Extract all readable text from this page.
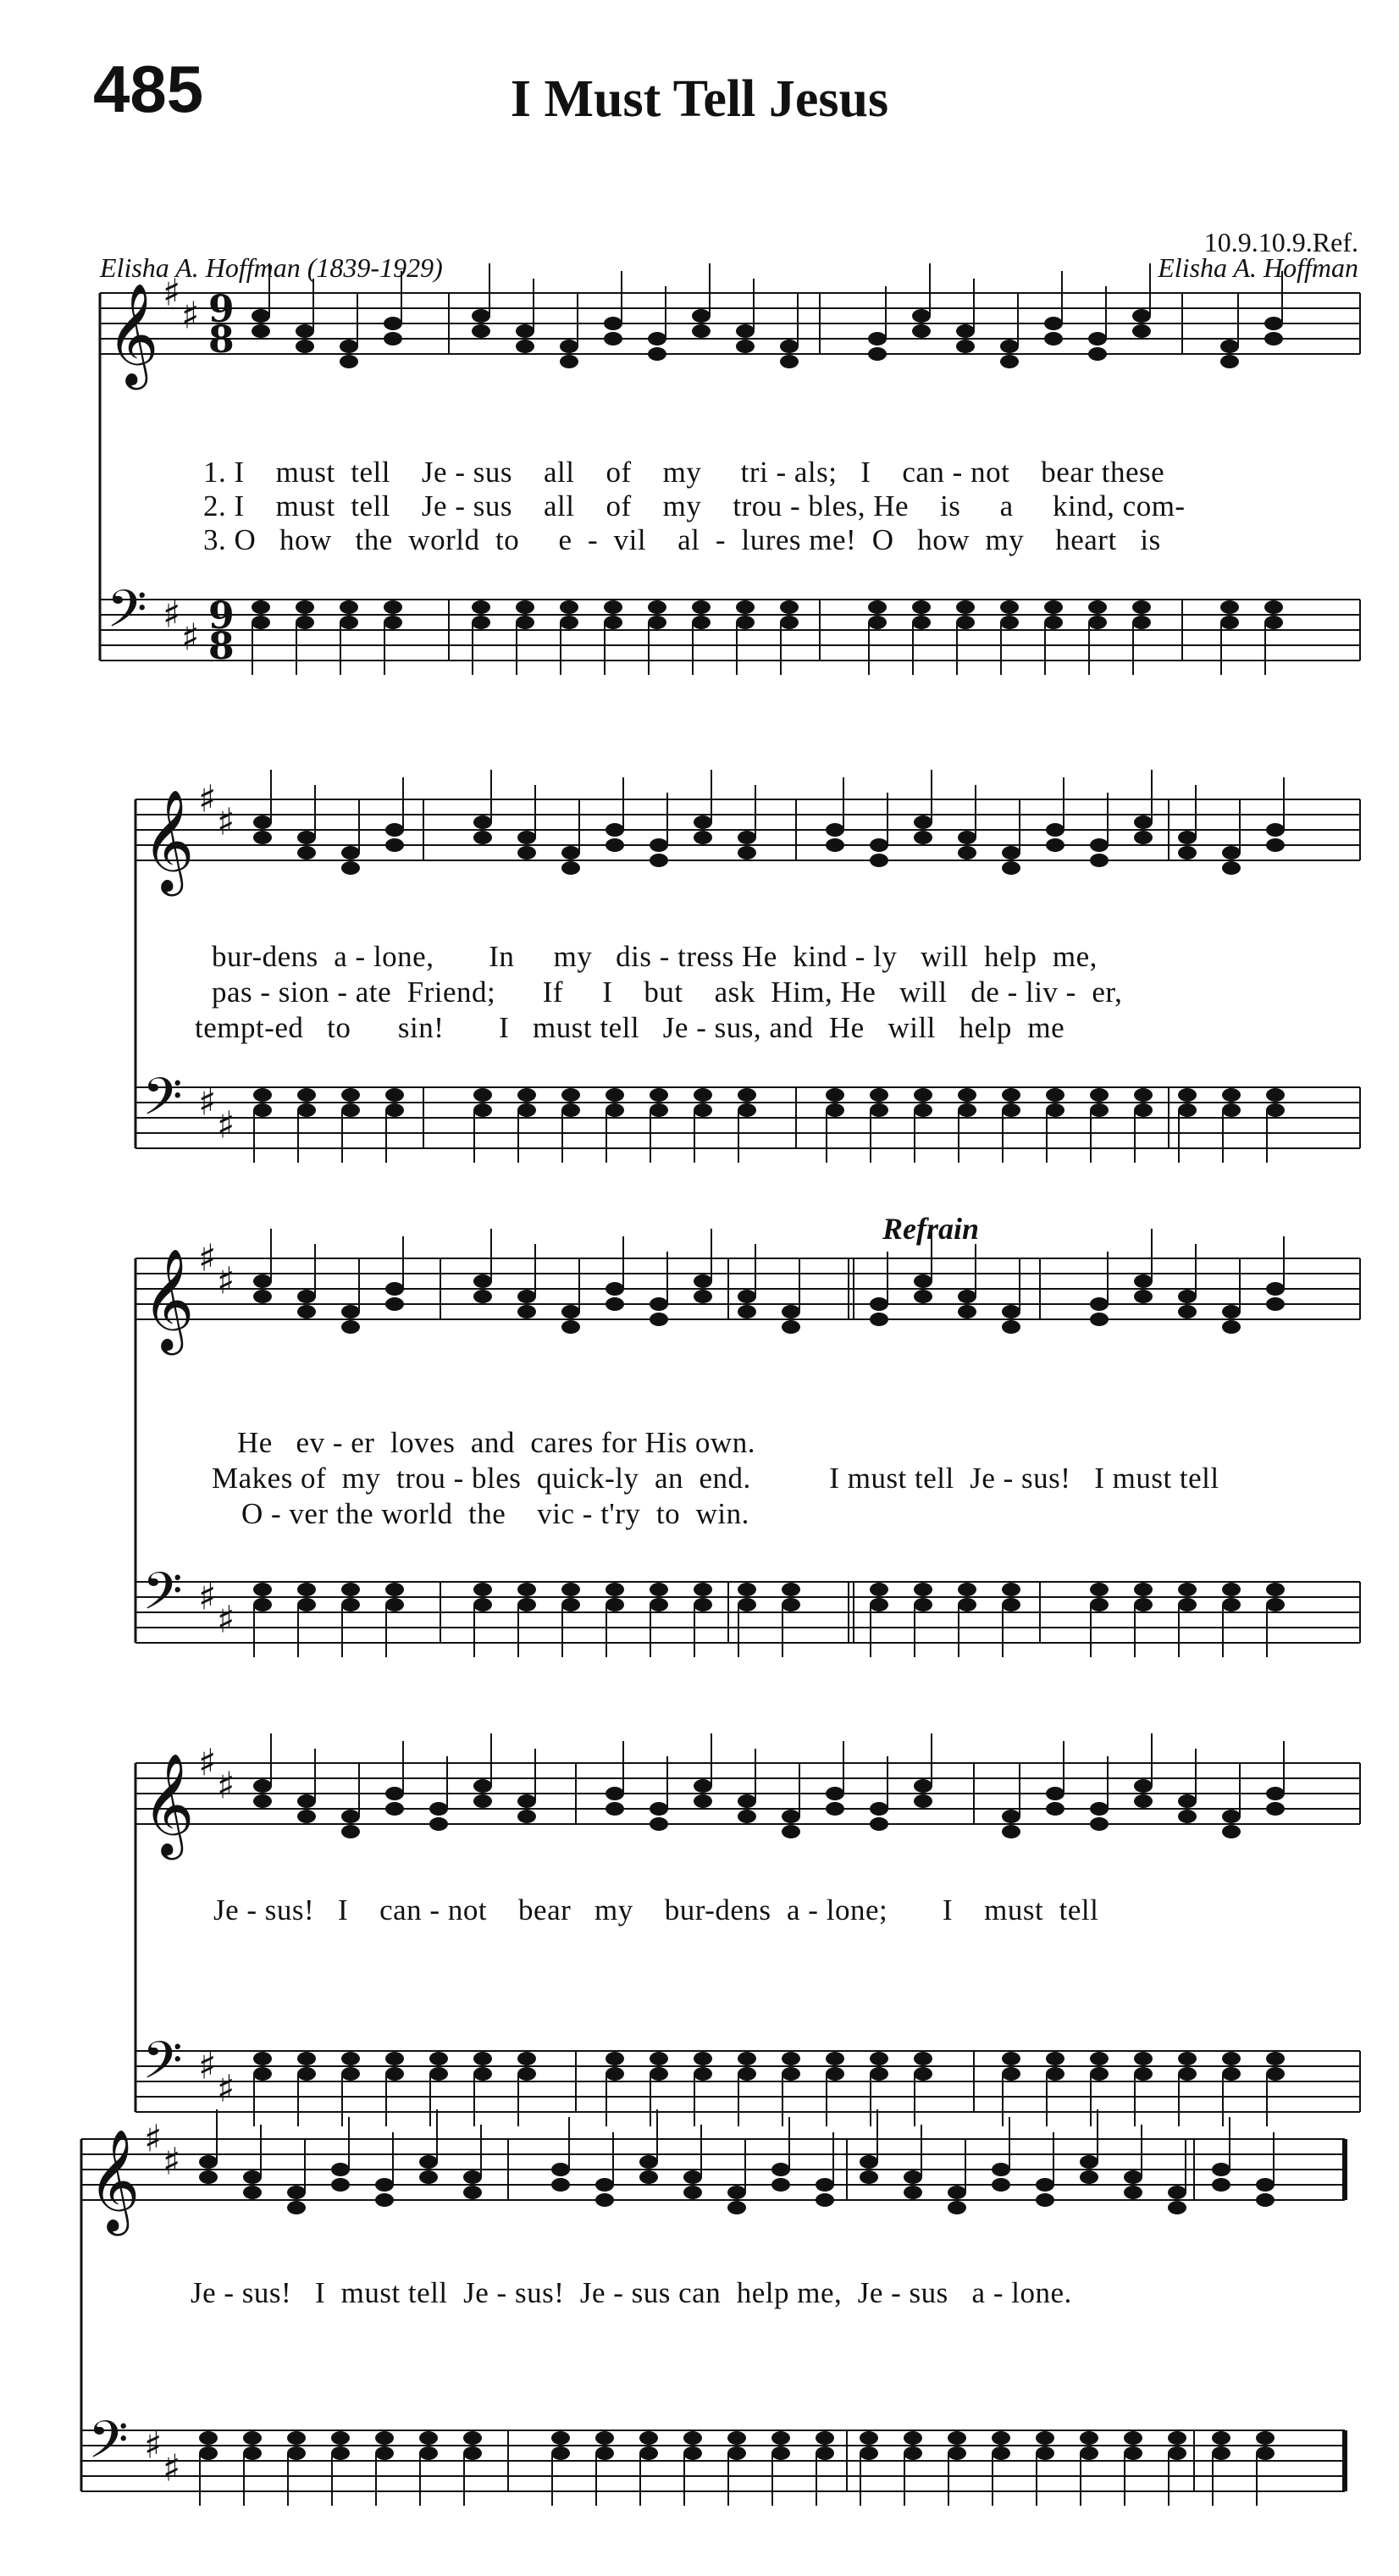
485	I Must Tell Jesus
10.9.10.9.Ref.
Elisha A. Hoffman (1839-1929)	Elisha A. Hoffman
𝄞 ♯
♯ 9
8
𝄢 ♯
♯ 9
8
𝄞 ♯
♯
𝄢 ♯
♯
𝄞 ♯
♯
𝄢 ♯
♯
𝄞 ♯
♯
𝄢 ♯
♯
𝄞 ♯
♯
𝄢 ♯
♯
1. I    must  tell    Je - sus    all    of    my     tri - als;   I    can - not    bear these
2. I    must  tell    Je - sus    all    of    my    trou - bles, He    is     a     kind, com-
3. O   how   the  world  to     e  -  vil    al  -  lures me!  O   how  my    heart   is
bur-dens  a - lone,       In     my   dis - tress He  kind - ly   will  help  me,
pas - sion - ate  Friend;      If     I    but    ask  Him, He   will   de - liv -  er,
tempt-ed   to      sin!       I   must tell   Je - sus, and  He   will   help  me
Refrain
He   ev - er  loves  and  cares for His own.
Makes of  my  trou - bles  quick-ly  an  end.          I must tell  Je - sus!   I must tell
O - ver the world  the    vic - t'ry  to  win.
Je - sus!   I    can - not    bear   my    bur-dens  a - lone;       I    must  tell
Je - sus!   I  must tell  Je - sus!  Je - sus can  help me,  Je - sus   a - lone.
